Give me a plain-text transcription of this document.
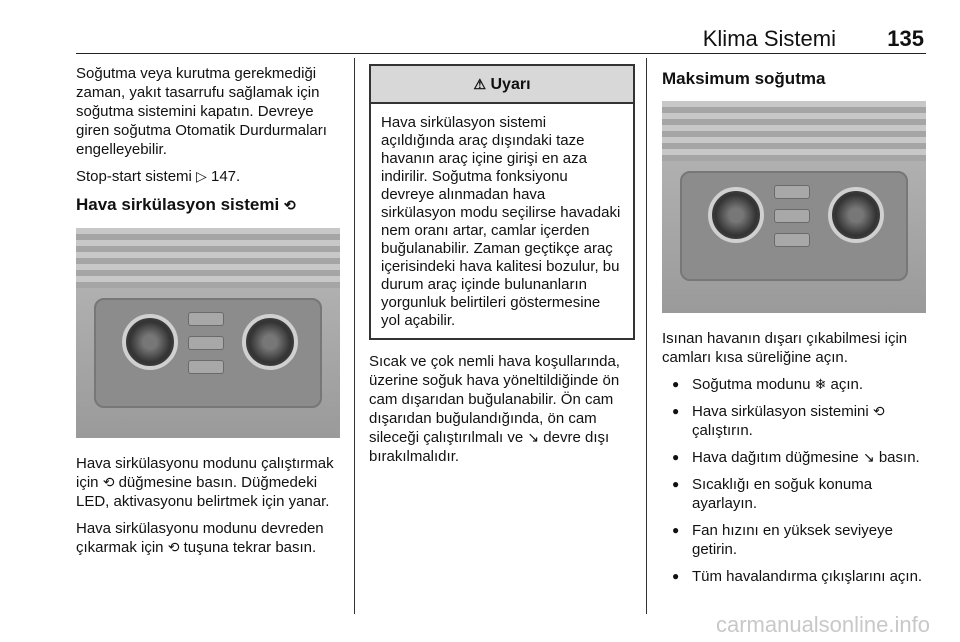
Klima Sistemi 135

Soğutma veya kurutma gerekmediği zaman, yakıt tasarrufu sağlamak için soğutma sistemini kapatın. Devreye giren soğutma Otomatik Durdurmaları engelleyebilir.

Stop-start sistemi ▷ 147.

Hava sirkülasyon sistemi ⟲

Hava sirkülasyonu modunu çalıştırmak için ⟲ düğmesine basın. Düğmedeki LED, aktivasyonu belirtmek için yanar.

Hava sirkülasyonu modunu devreden çıkarmak için ⟲ tuşuna tekrar basın.

⚠ Uyarı
Hava sirkülasyon sistemi açıldığında araç dışındaki taze havanın araç içine girişi en aza indirilir. Soğutma fonksiyonu devreye alınmadan hava sirkülasyon modu seçilirse havadaki nem oranı artar, camlar içerden buğulanabilir. Zaman geçtikçe araç içerisindeki hava kalitesi bozulur, bu durum araç içinde bulunanların yorgunluk belirtileri göstermesine yol açabilir.

Sıcak ve çok nemli hava koşullarında, üzerine soğuk hava yöneltildiğinde ön cam dışarıdan buğulanabilir. Ön cam dışarıdan buğulandığında, ön cam sileceği çalıştırılmalı ve ↘ devre dışı bırakılmalıdır.

Maksimum soğutma

Isınan havanın dışarı çıkabilmesi için camları kısa süreliğine açın.

● Soğutma modunu ❄ açın.
● Hava sirkülasyon sistemini ⟲ çalıştırın.
● Hava dağıtım düğmesine ↘ basın.
● Sıcaklığı en soğuk konuma ayarlayın.
● Fan hızını en yüksek seviyeye getirin.
● Tüm havalandırma çıkışlarını açın.
carmanualsonline.info
